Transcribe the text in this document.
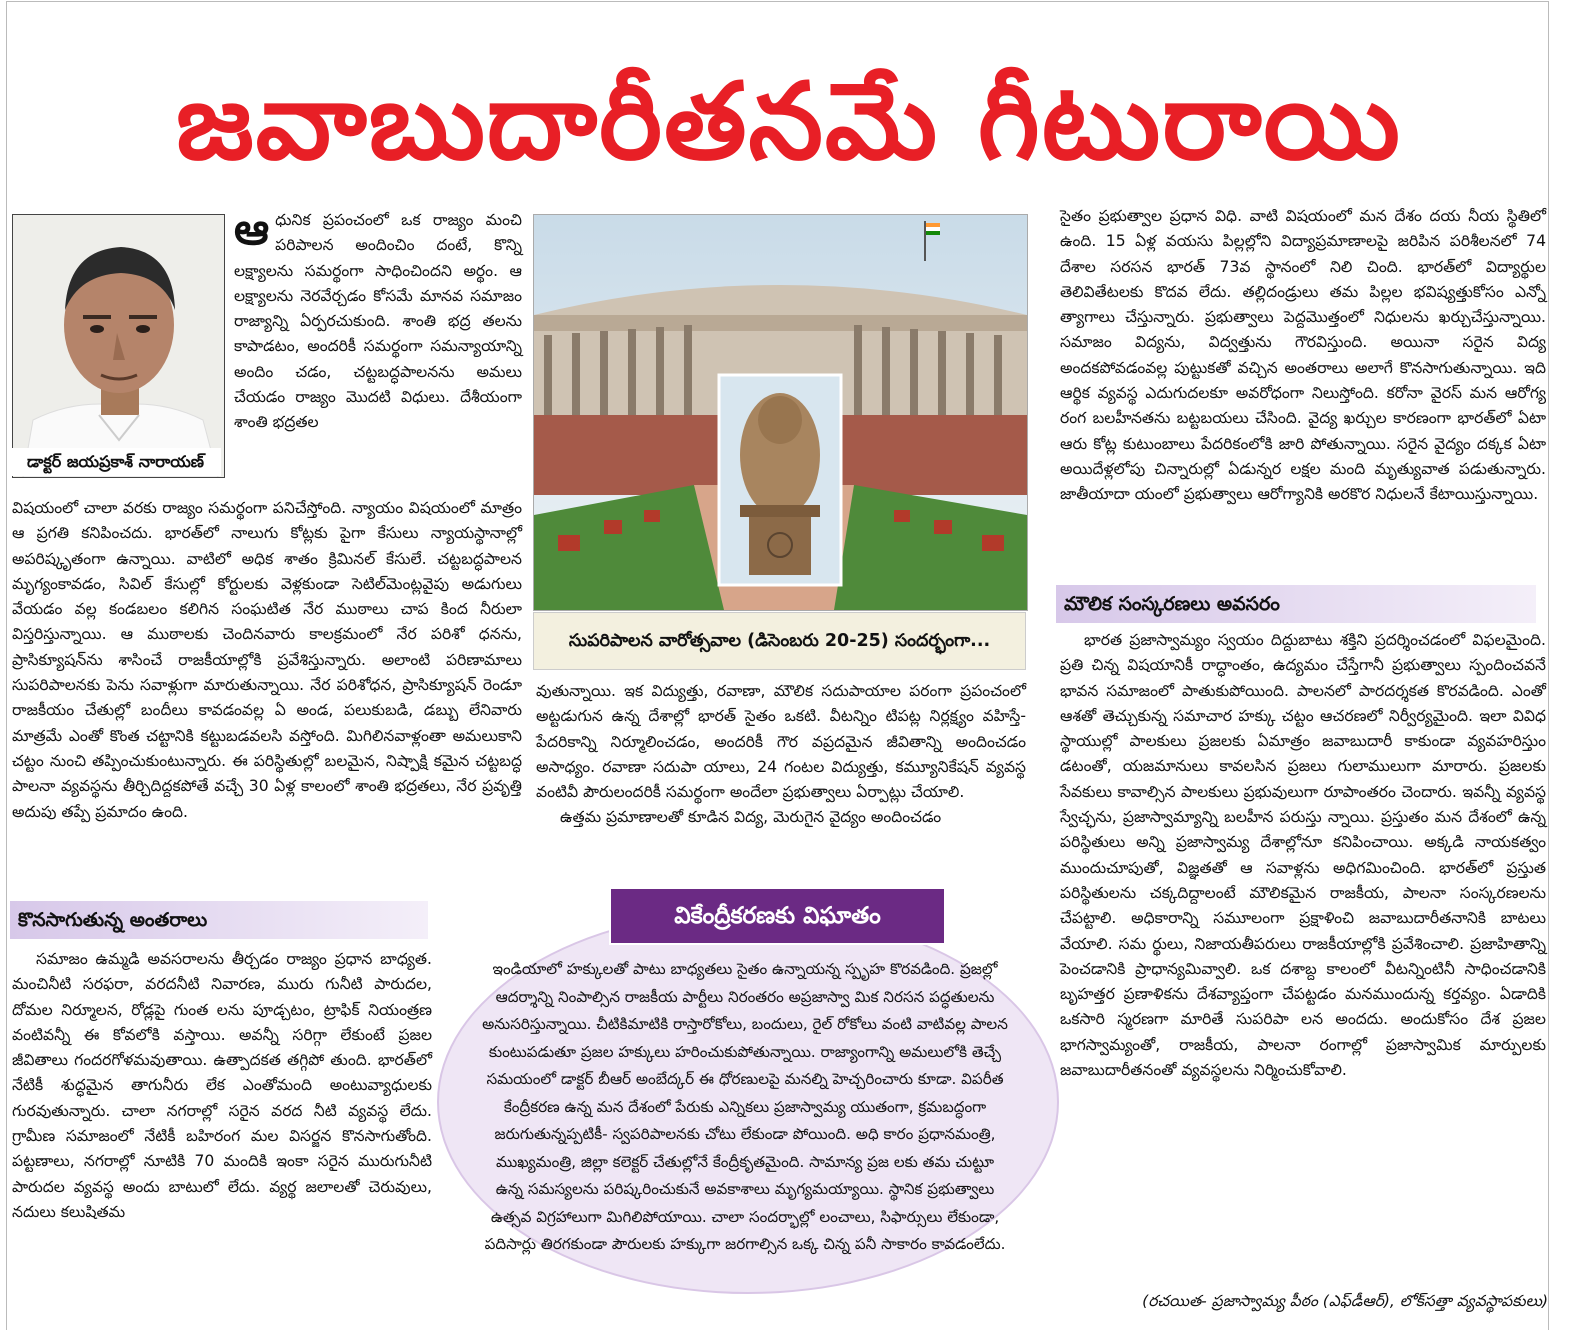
జవాబుదారీతనమే గీటురాయి
డాక్టర్ జయప్రకాశ్ నారాయణ్

ఆధునిక ప్రపంచంలో ఒక రాజ్యం మంచి పరిపాలన అందించిం దంటే, కొన్ని లక్ష్యాలను సమర్థంగా సాధించిందని అర్థం. ఆ లక్ష్యాలను నెరవేర్చడం కోసమే మానవ సమాజం రాజ్యాన్ని ఏర్పరచుకుంది. శాంతి భద్ర తలను కాపాడటం, అందరికీ సమర్థంగా సమన్యాయాన్ని అందిం చడం, చట్టబద్ధపాలనను అమలు చేయడం రాజ్యం మొదటి విధులు. దేశీయంగా శాంతి భద్రతల

విషయంలో చాలా వరకు రాజ్యం సమర్థంగా పనిచేస్తోంది. న్యాయం విషయంలో మాత్రం ఆ ప్రగతి కనిపించదు. భారత్‌లో నాలుగు కోట్లకు పైగా కేసులు న్యాయస్థానాల్లో అపరిష్కృతంగా ఉన్నాయి. వాటిలో అధిక శాతం క్రిమినల్ కేసులే. చట్టబద్ధపాలన మృగ్యంకావడం, సివిల్ కేసుల్లో కోర్టులకు వెళ్లకుండా సెటిల్‌మెంట్లవైపు అడుగులు వేయడం వల్ల కండబలం కలిగిన సంఘటిత నేర ముఠాలు చాప కింద నీరులా విస్తరిస్తున్నాయి. ఆ ముఠాలకు చెందినవారు కాలక్రమంలో నేర పరిశో ధనను, ప్రాసిక్యూషన్‌ను శాసించే రాజకీయాల్లోకి ప్రవేశిస్తున్నారు. అలాంటి పరిణామాలు సుపరిపాలనకు పెను సవాళ్లుగా మారుతున్నాయి. నేర పరిశోధన, ప్రాసిక్యూషన్ రెండూ రాజకీయం చేతుల్లో బందీలు కావడంవల్ల ఏ అండ, పలుకుబడి, డబ్బు లేనివారు మాత్రమే ఎంతో కొంత చట్టానికి కట్టుబడవలసి వస్తోంది. మిగిలినవాళ్లంతా అమలుకాని చట్టం నుంచి తప్పించుకుంటున్నారు. ఈ పరిస్థితుల్లో బలమైన, నిష్పాక్షి కమైన చట్టబద్ధ పాలనా వ్యవస్థను తీర్చిదిద్దకపోతే వచ్చే 30 ఏళ్ల కాలంలో శాంతి భద్రతలు, నేర ప్రవృత్తి అదుపు తప్పే ప్రమాదం ఉంది.

కొనసాగుతున్న అంతరాలు

సమాజం ఉమ్మడి అవసరాలను తీర్చడం రాజ్యం ప్రధాన బాధ్యత. మంచినీటి సరఫరా, వరదనీటి నివారణ, మురు గునీటి పారుదల, దోమల నిర్మూలన, రోడ్లపై గుంత లను పూడ్చటం, ట్రాఫిక్ నియంత్రణ వంటివన్నీ ఈ కోవలోకి వస్తాయి. అవన్నీ సరిగ్గా లేకుంటే ప్రజల జీవితాలు గందరగోళమవుతాయి. ఉత్పాదకత తగ్గిపో తుంది. భారత్‌లో నేటికీ శుద్ధమైన తాగునీరు లేక ఎంతోమంది అంటువ్యాధులకు గురవుతున్నారు. చాలా నగరాల్లో సరైన వరద నీటి వ్యవస్థ లేదు. గ్రామీణ సమాజంలో నేటికీ బహిరంగ మల విసర్జన కొనసాగుతోంది. పట్టణాలు, నగరాల్లో నూటికి 70 మందికి ఇంకా సరైన మురుగునీటి పారుదల వ్యవస్థ అందు బాటులో లేదు. వ్యర్థ జలాలతో చెరువులు, నదులు కలుషితమ

సుపరిపాలన వారోత్సవాల (డిసెంబరు 20-25) సందర్భంగా...

వుతున్నాయి. ఇక విద్యుత్తు, రవాణా, మౌలిక సదుపాయాల పరంగా ప్రపంచంలో అట్టడుగున ఉన్న దేశాల్లో భారత్ సైతం ఒకటి. వీటన్నిం టిపట్ల నిర్లక్ష్యం వహిస్తే- పేదరికాన్ని నిర్మూలించడం, అందరికీ గౌర వప్రదమైన జీవితాన్ని అందించడం అసాధ్యం. రవాణా సదుపా యాలు, 24 గంటల విద్యుత్తు, కమ్యూనికేషన్ వ్యవస్థ వంటివీ పౌరులందరికీ సమర్థంగా అందేలా ప్రభుత్వాలు ఏర్పాట్లు చేయాలి.

ఉత్తమ ప్రమాణాలతో కూడిన విద్య, మెరుగైన వైద్యం అందించడం

వికేంద్రీకరణకు విఘాతం
ఇండియాలో హక్కులతో పాటు బాధ్యతలు సైతం ఉన్నాయన్న స్పృహ కొరవడింది. ప్రజల్లో ఆదర్శాన్ని నింపాల్సిన రాజకీయ పార్టీలు నిరంతరం అప్రజాస్వా మిక నిరసన పద్ధతులను అనుసరిస్తున్నాయి. చీటికిమాటికి రాస్తారోకోలు, బందులు, రైల్ రోకోలు వంటి వాటివల్ల పాలన కుంటుపడుతూ ప్రజల హక్కులు హరించుకుపోతున్నాయి. రాజ్యాంగాన్ని అమలులోకి తెచ్చే సమయంలో డాక్టర్ బీఆర్ అంబేద్కర్ ఈ ధోరణులపై మనల్ని హెచ్చరించారు కూడా. విపరీత కేంద్రీకరణ ఉన్న మన దేశంలో పేరుకు ఎన్నికలు ప్రజాస్వామ్య యుతంగా, క్రమబద్ధంగా జరుగుతున్నప్పటికీ- స్వపరిపాలనకు చోటు లేకుండా పోయింది. అధి కారం ప్రధానమంత్రి, ముఖ్యమంత్రి, జిల్లా కలెక్టర్ చేతుల్లోనే కేంద్రీకృతమైంది. సామాన్య ప్రజ లకు తమ చుట్టూ ఉన్న సమస్యలను పరిష్కరించుకునే అవకాశాలు మృగ్యమయ్యాయి. స్థానిక ప్రభుత్వాలు ఉత్సవ విగ్రహాలుగా మిగిలిపోయాయి. చాలా సందర్భాల్లో లంచాలు, సిఫార్సులు లేకుండా, పదిసార్లు తిరగకుండా పౌరులకు హక్కుగా జరగాల్సిన ఒక్క చిన్న పనీ సాకారం కావడంలేదు.

సైతం ప్రభుత్వాల ప్రధాన విధి. వాటి విషయంలో మన దేశం దయ నీయ స్థితిలో ఉంది. 15 ఏళ్ల వయసు పిల్లల్లోని విద్యాప్రమాణాలపై జరిపిన పరిశీలనలో 74 దేశాల సరసన భారత్ 73వ స్థానంలో నిలి చింది. భారత్‌లో విద్యార్థుల తెలివితేటలకు కొదవ లేదు. తల్లిదండ్రులు తమ పిల్లల భవిష్యత్తుకోసం ఎన్నో త్యాగాలు చేస్తున్నారు. ప్రభుత్వాలు పెద్దమొత్తంలో నిధులను ఖర్చుచేస్తున్నాయి. సమాజం విద్యను, విద్వత్తును గౌరవిస్తుంది. అయినా సరైన విద్య అందకపోవడంవల్ల పుట్టుకతో వచ్చిన అంతరాలు అలాగే కొనసాగుతున్నాయి. ఇది ఆర్థిక వ్యవస్థ ఎదుగుదలకూ అవరోధంగా నిలుస్తోంది. కరోనా వైరస్ మన ఆరోగ్య రంగ బలహీనతను బట్టబయలు చేసింది. వైద్య ఖర్చుల కారణంగా భారత్‌లో ఏటా ఆరు కోట్ల కుటుంబాలు పేదరికంలోకి జారి పోతున్నాయి. సరైన వైద్యం దక్కక ఏటా అయిదేళ్లలోపు చిన్నారుల్లో ఏడున్నర లక్షల మంది మృత్యువాత పడుతున్నారు. జాతీయాదా యంలో ప్రభుత్వాలు ఆరోగ్యానికి అరకొర నిధులనే కేటాయిస్తున్నాయి.

మౌలిక సంస్కరణలు అవసరం

భారత ప్రజాస్వామ్యం స్వయం దిద్దుబాటు శక్తిని ప్రదర్శించడంలో విఫలమైంది. ప్రతి చిన్న విషయానికీ రాద్ధాంతం, ఉద్యమం చేస్తేగానీ ప్రభుత్వాలు స్పందించవనే భావన సమాజంలో పాతుకుపోయింది. పాలనలో పారదర్శకత కొరవడింది. ఎంతో ఆశతో తెచ్చుకున్న సమాచార హక్కు చట్టం ఆచరణలో నిర్వీర్యమైంది. ఇలా వివిధ స్థాయుల్లో పాలకులు ప్రజలకు ఏమాత్రం జవాబుదారీ కాకుండా వ్యవహరిస్తుం డటంతో, యజమానులు కావలసిన ప్రజలు గులాములుగా మారారు. ప్రజలకు సేవకులు కావాల్సిన పాలకులు ప్రభువులుగా రూపాంతరం చెందారు. ఇవన్నీ వ్యవస్థ స్వేచ్ఛను, ప్రజాస్వామ్యాన్ని బలహీన పరుస్తు న్నాయి. ప్రస్తుతం మన దేశంలో ఉన్న పరిస్థితులు అన్ని ప్రజాస్వామ్య దేశాల్లోనూ కనిపించాయి. అక్కడి నాయకత్వం ముందుచూపుతో, విజ్ఞతతో ఆ సవాళ్లను అధిగమించింది. భారత్‌లో ప్రస్తుత పరిస్థితులను చక్కదిద్దాలంటే మౌలికమైన రాజకీయ, పాలనా సంస్కరణలను చేపట్టాలి. అధికారాన్ని సమూలంగా ప్రక్షాళించి జవాబుదారీతనానికి బాటలు వేయాలి. సమ ర్థులు, నిజాయతీపరులు రాజకీయాల్లోకి ప్రవేశించాలి. ప్రజాహితాన్ని పెంచడానికి ప్రాధాన్యమివ్వాలి. ఒక దశాబ్ద కాలంలో వీటన్నింటినీ సాధించడానికి బృహత్తర ప్రణాళికను దేశవ్యాప్తంగా చేపట్టడం మనముందున్న కర్తవ్యం. ఏడాదికి ఒకసారి స్మరణగా మారితే సుపరిపా లన అందదు. అందుకోసం దేశ ప్రజల భాగస్వామ్యంతో, రాజకీయ, పాలనా రంగాల్లో ప్రజాస్వామిక మార్పులకు జవాబుదారీతనంతో వ్యవస్థలను నిర్మించుకోవాలి.

(రచయిత- ప్రజాస్వామ్య పీఠం (ఎఫ్‌డీఆర్), లోక్‌సత్తా వ్యవస్థాపకులు)
